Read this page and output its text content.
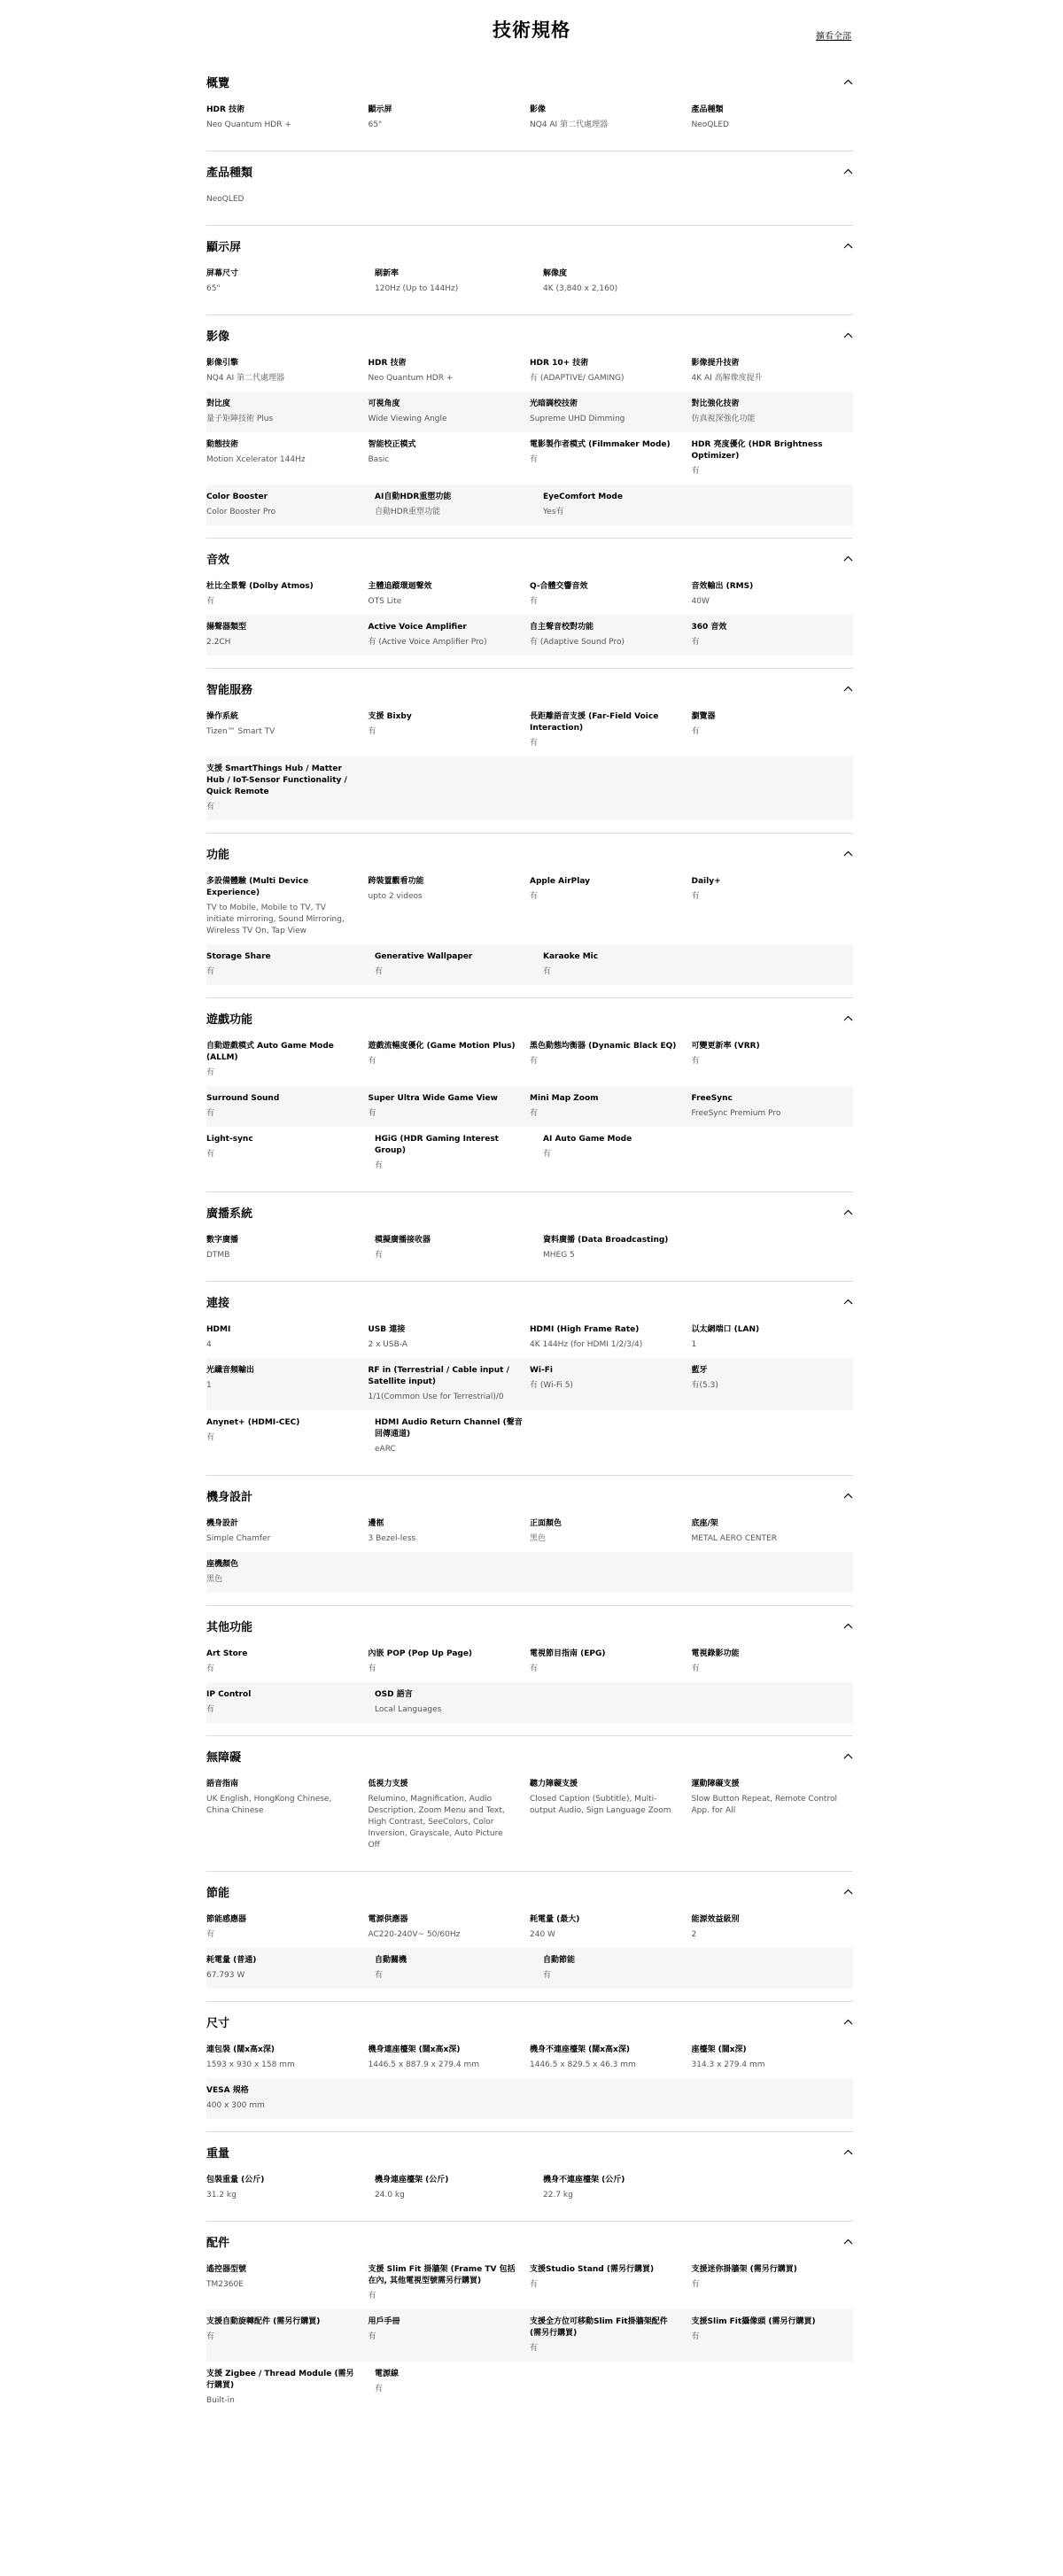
技術規格	擴看全部
概覽
HDR 技術
Neo Quantum HDR +
顯示屏
65"
影像
NQ4 AI 第二代處理器
產品種類
NeoQLED
產品種類
NeoQLED
顯示屏
屏幕尺寸
65"
刷新率
120Hz (Up to 144Hz)
解像度
4K (3,840 x 2,160)
影像
影像引擎
NQ4 AI 第二代處理器
HDR 技術
Neo Quantum HDR +
HDR 10+ 技術
有 (ADAPTIVE/ GAMING)
影像提升技術
4K AI 高解像度提升
對比度
量子矩陣技術 Plus
可視角度
Wide Viewing Angle
光暗調校技術
Supreme UHD Dimming
對比強化技術
仿真視深強化功能
動態技術
Motion Xcelerator 144Hz
智能校正模式
Basic
電影製作者模式 (Filmmaker Mode)
有
HDR 亮度優化 (HDR Brightness Optimizer)
有
Color Booster
Color Booster Pro
AI自動HDR重塑功能
自動HDR重塑功能
EyeComfort Mode
Yes有
音效
杜比全景聲 (Dolby Atmos)
有
主體追蹤環迴聲效
OTS Lite
Q-合體交響音效
有
音效輸出 (RMS)
40W
揚聲器類型
2.2CH
Active Voice Amplifier
有 (Active Voice Amplifier Pro)
自主聲音校對功能
有 (Adaptive Sound Pro)
360 音效
有
智能服務
操作系統
Tizen™ Smart TV
支援 Bixby
有
長距離語音支援 (Far-Field Voice Interaction)
有
瀏覽器
有
支援 SmartThings Hub / Matter Hub / IoT-Sensor Functionality / Quick Remote
有
功能
多設備體驗 (Multi Device Experience)
TV to Mobile, Mobile to TV, TV initiate mirroring, Sound Mirroring, Wireless TV On, Tap View
跨裝置觀看功能
upto 2 videos
Apple AirPlay
有
Daily+
有
Storage Share
有
Generative Wallpaper
有
Karaoke Mic
有
遊戲功能
自動遊戲模式 Auto Game Mode (ALLM)
有
遊戲流暢度優化 (Game Motion Plus)
有
黑色動態均衡器 (Dynamic Black EQ)
有
可變更新率 (VRR)
有
Surround Sound
有
Super Ultra Wide Game View
有
Mini Map Zoom
有
FreeSync
FreeSync Premium Pro
Light-sync
有
HGiG (HDR Gaming Interest Group)
有
AI Auto Game Mode
有
廣播系統
數字廣播
DTMB
模擬廣播接收器
有
資料廣播 (Data Broadcasting)
MHEG 5
連接
HDMI
4
USB 連接
2 x USB-A
HDMI (High Frame Rate)
4K 144Hz (for HDMI 1/2/3/4)
以太網端口 (LAN)
1
光纖音頻輸出
1
RF in (Terrestrial / Cable input / Satellite input)
1/1(Common Use for Terrestrial)/0
Wi-Fi
有 (Wi-Fi 5)
藍牙
有(5.3)
Anynet+ (HDMI-CEC)
有
HDMI Audio Return Channel (聲音回傳通道)
eARC
機身設計
機身設計
Simple Chamfer
邊框
3 Bezel-less
正面顏色
黑色
底座/架
METAL AERO CENTER
座機顏色
黑色
其他功能
Art Store
有
內嵌 POP (Pop Up Page)
有
電視節目指南 (EPG)
有
電視錄影功能
有
IP Control
有
OSD 語言
Local Languages
無障礙
語音指南
UK English, HongKong Chinese, China Chinese
低視力支援
Relumino, Magnification, Audio Description, Zoom Menu and Text, High Contrast, SeeColors, Color Inversion, Grayscale, Auto Picture Off
聽力障礙支援
Closed Caption (Subtitle), Multi-output Audio, Sign Language Zoom
運動障礙支援
Slow Button Repeat, Remote Control App. for All
節能
節能感應器
有
電源供應器
AC220-240V~ 50/60Hz
耗電量 (最大)
240 W
能源效益級別
2
耗電量 (普通)
67.793 W
自動關機
有
自動節能
有
尺寸
連包裝 (闊x高x深)
1593 x 930 x 158 mm
機身連座檯架 (闊x高x深)
1446.5 x 887.9 x 279.4 mm
機身不連座檯架 (闊x高x深)
1446.5 x 829.5 x 46.3 mm
座檯架 (闊x深)
314.3 x 279.4 mm
VESA 規格
400 x 300 mm
重量
包裝重量 (公斤)
31.2 kg
機身連座檯架 (公斤)
24.0 kg
機身不連座檯架 (公斤)
22.7 kg
配件
遙控器型號
TM2360E
支援 Slim Fit 掛牆架 (Frame TV 包括在內, 其他電視型號需另行購買)
有
支援Studio Stand (需另行購買)
有
支援迷你掛牆架 (需另行購買)
有
支援自動旋轉配件 (需另行購買)
有
用戶手冊
有
支援全方位可移動Slim Fit掛牆架配件 (需另行購買)
有
支援Slim Fit攝像頭 (需另行購買)
有
支援 Zigbee / Thread Module (需另行購買)
Built-in
電源線
有
